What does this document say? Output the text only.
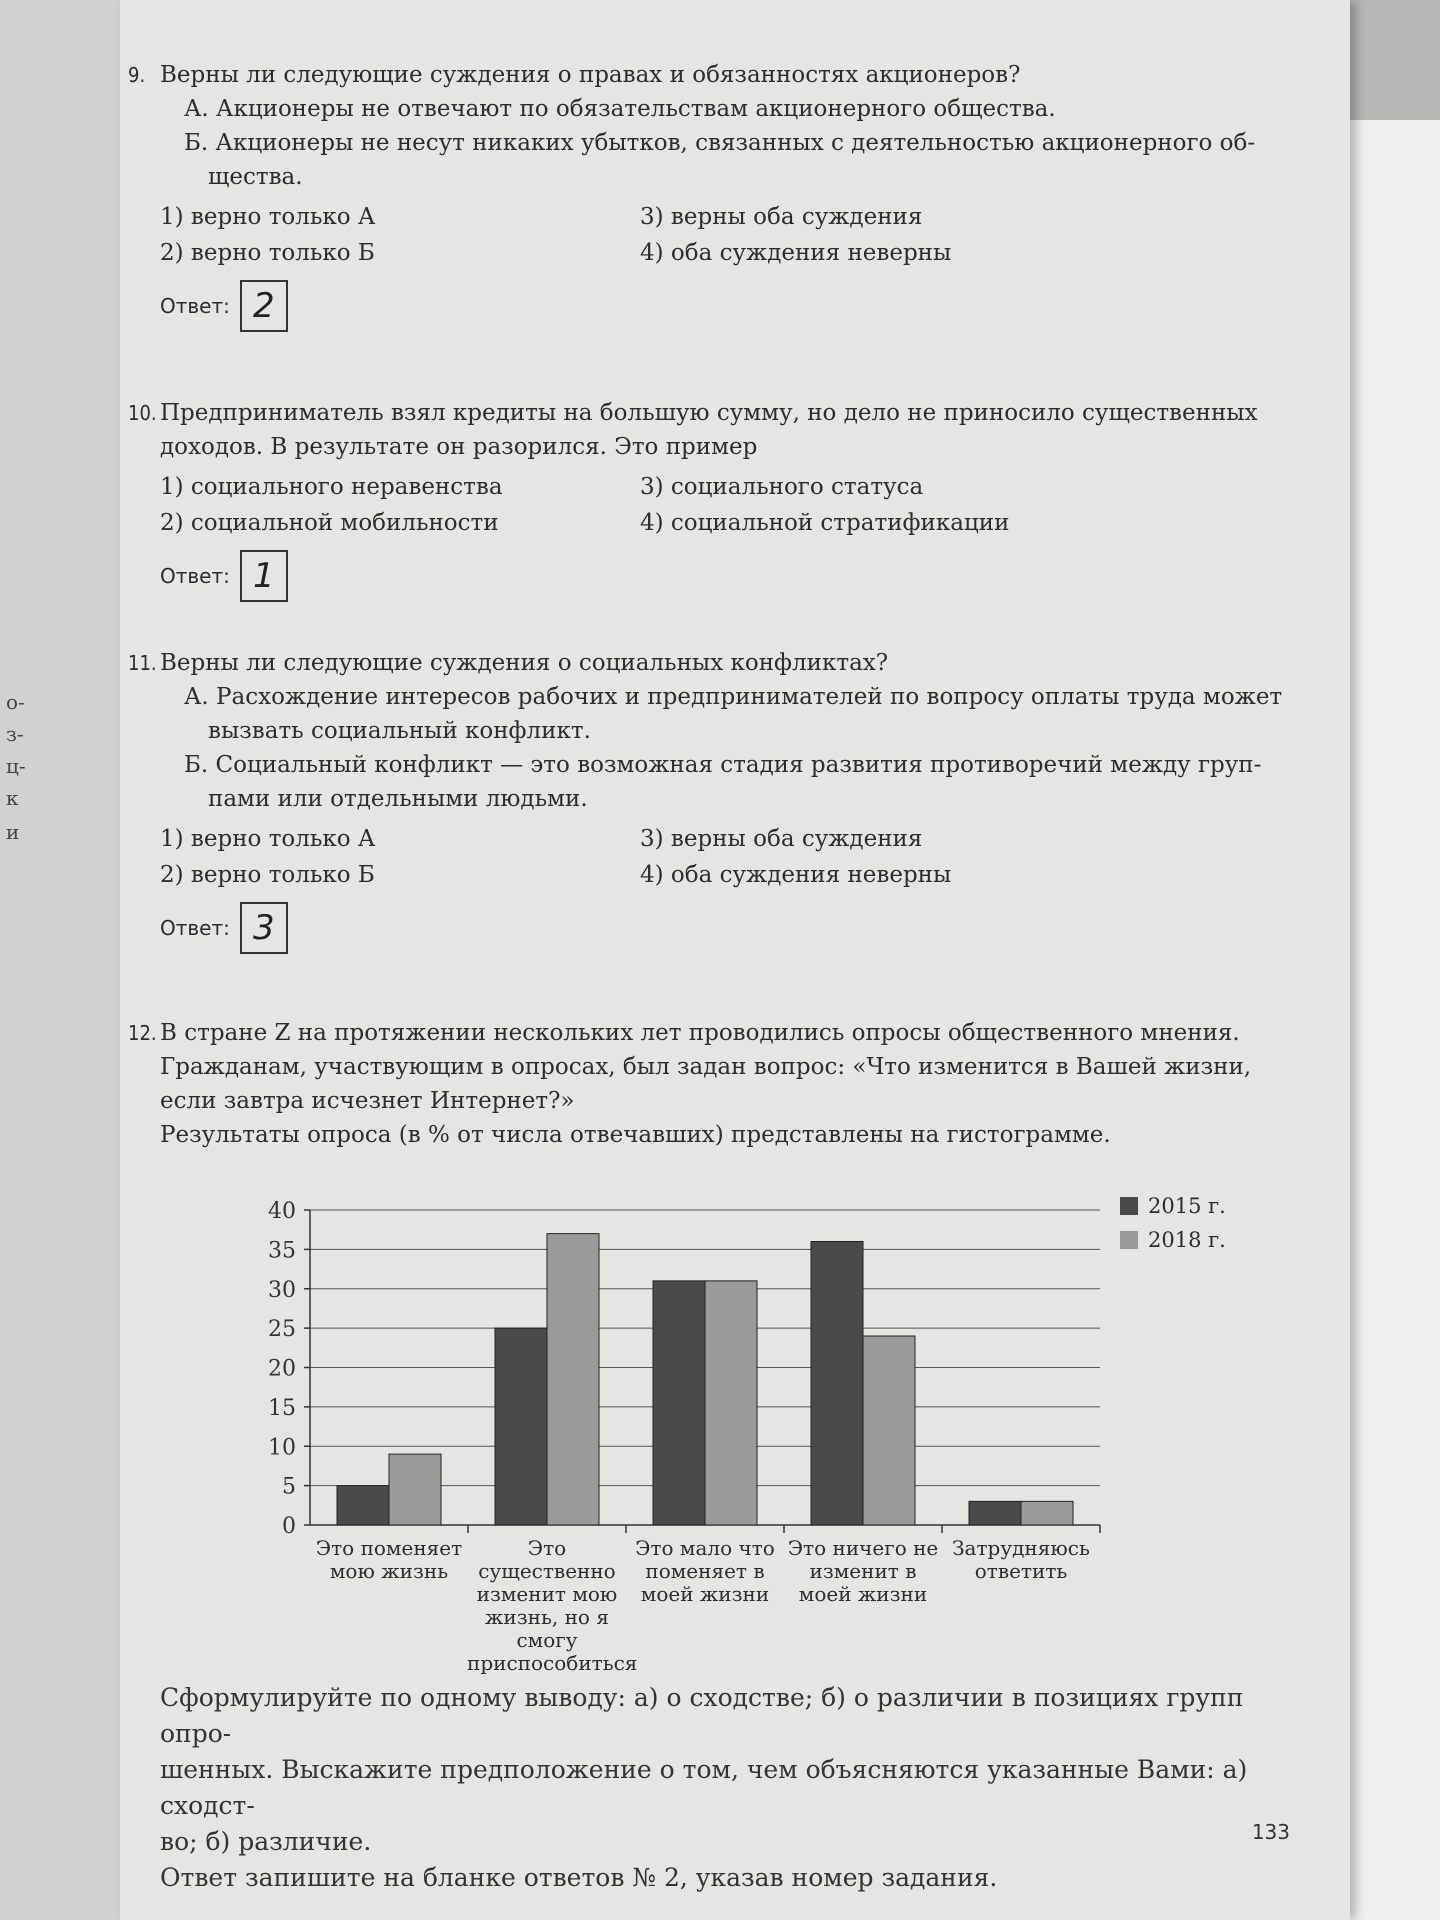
о-
з-
ц-
к
и
9. Верны ли следующие суждения о правах и обязанностях акционеров?

А. Акционеры не отвечают по обязательствам акционерного общества.

Б. Акционеры не несут никаких убытков, связанных с деятельностью акционерного об-

щества.

1) верно только А	3) верны оба суждения
2) верно только Б	4) оба суждения неверны
Ответ: 2
10. Предприниматель взял кредиты на большую сумму, но дело не приносило существенных

доходов. В результате он разорился. Это пример

1) социального неравенства	3) социального статуса
2) социальной мобильности	4) социальной стратификации
Ответ: 1
11. Верны ли следующие суждения о социальных конфликтах?

А. Расхождение интересов рабочих и предпринимателей по вопросу оплаты труда может

вызвать социальный конфликт.

Б. Социальный конфликт — это возможная стадия развития противоречий между груп-

пами или отдельными людьми.

1) верно только А	3) верны оба суждения
2) верно только Б	4) оба суждения неверны
Ответ: 3
12. В стране Z на протяжении нескольких лет проводились опросы общественного мнения.

Гражданам, участвующим в опросах, был задан вопрос: «Что изменится в Вашей жизни,

если завтра исчезнет Интернет?»

Результаты опроса (в % от числа отвечавших) представлены на гистограмме.

0
5
10
15
20
25
30
35
40	2015 г.
2018 г.
Это поменяет
мою жизнь
Это
существенно
изменит мою
жизнь, но я
смогу
приспособиться
Это мало что
поменяет в
моей жизни
Это ничего не
изменит в
моей жизни
Затрудняюсь
ответить
Сформулируйте по одному выводу: а) о сходстве; б) о различии в позициях групп опро-
шенных. Выскажите предположение о том, чем объясняются указанные Вами: а) сходст-
во; б) различие.
Ответ запишите на бланке ответов № 2, указав номер задания.
133
